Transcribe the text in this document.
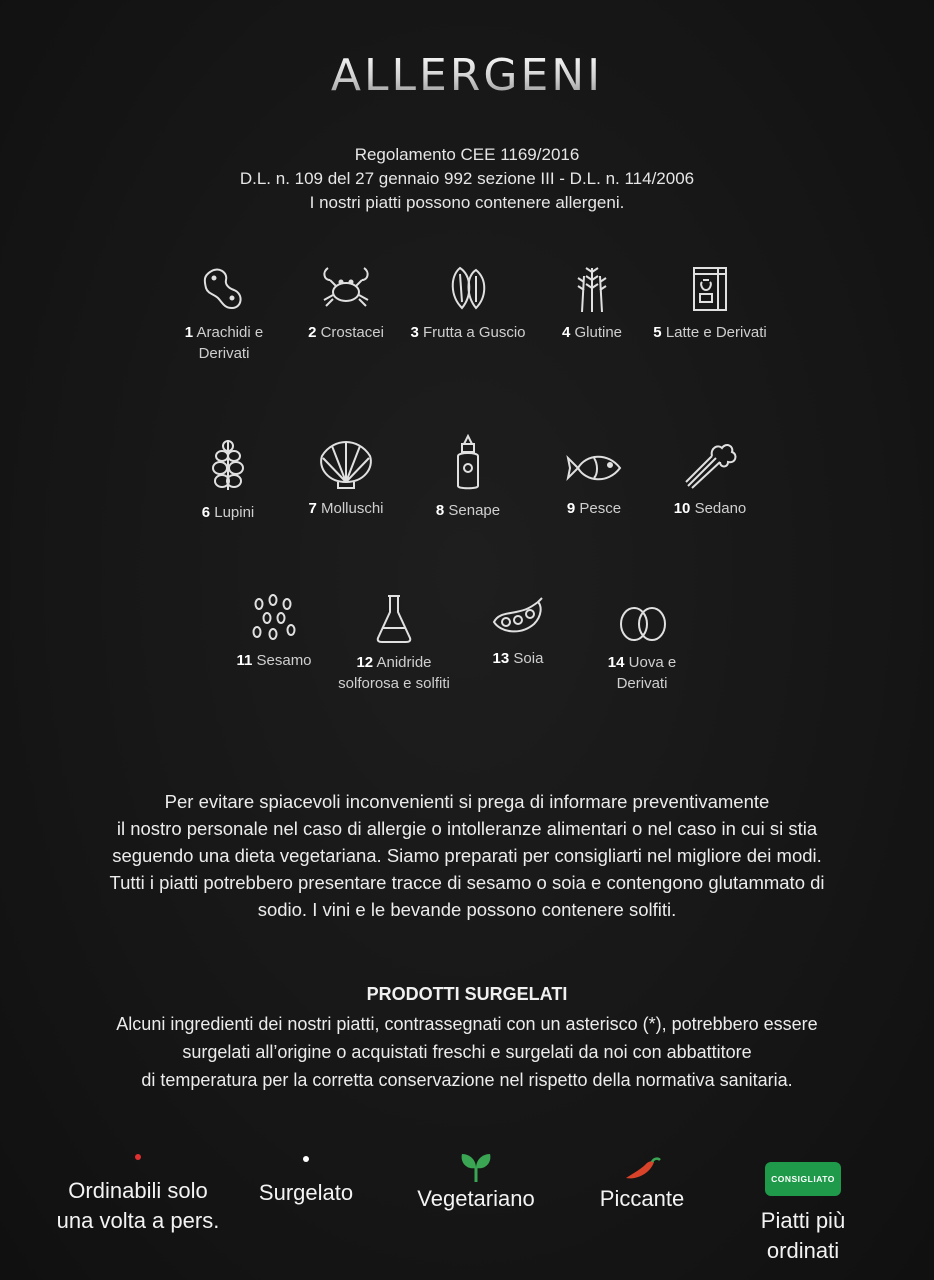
ALLERGENI
Regolamento CEE 1169/2016
D.L. n. 109 del 27 gennaio 992 sezione III - D.L. n. 114/2006
I nostri piatti possono contenere allergeni.
1 Arachidi e Derivati
2 Crostacei	3 Frutta a Guscio	4 Glutine	5 Latte e Derivati
6 Lupini	7 Molluschi	8 Senape	9 Pesce	10 Sedano
11 Sesamo	12 Anidride solforosa e solfiti
13 Soia	14 Uova e Derivati
Per evitare spiacevoli inconvenienti si prega di informare preventivamente
il nostro personale nel caso di allergie o intolleranze alimentari o nel caso in cui si stia
seguendo una dieta vegetariana. Siamo preparati per consigliarti nel migliore dei modi.
Tutti i piatti potrebbero presentare tracce di sesamo o soia e contengono glutammato di
sodio. I vini e le bevande possono contenere solfiti.
PRODOTTI SURGELATI
Alcuni ingredienti dei nostri piatti, contrassegnati con un asterisco (*), potrebbero essere
surgelati all’origine o acquistati freschi e surgelati da noi con abbattitore
di temperatura per la corretta conservazione nel rispetto della normativa sanitaria.
Ordinabili solo
una volta a pers.
Surgelato	Vegetariano	Piccante
CONSIGLIATO
Piatti più
ordinati
